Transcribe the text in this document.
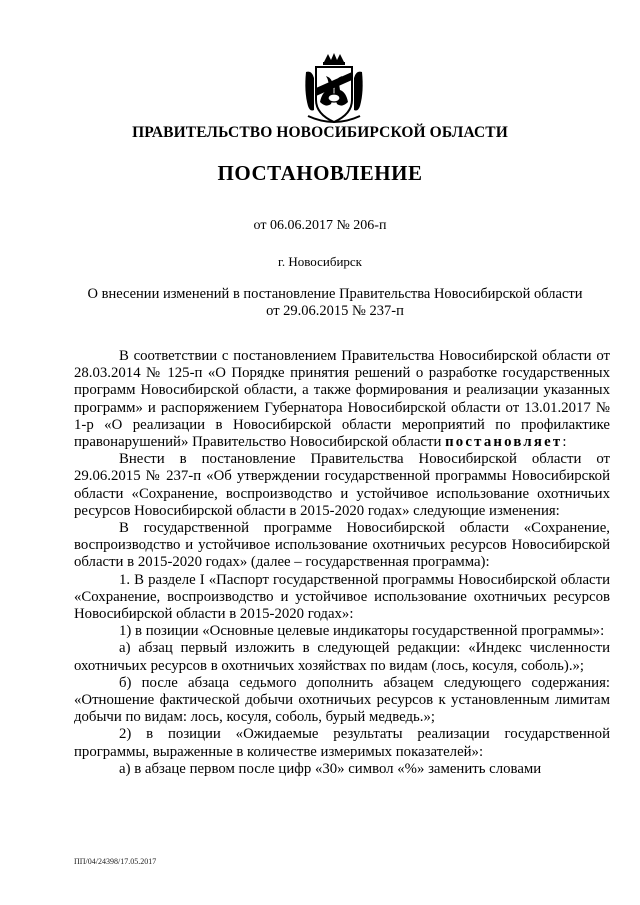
ПРАВИТЕЛЬСТВО НОВОСИБИРСКОЙ ОБЛАСТИ
ПОСТАНОВЛЕНИЕ
от 06.06.2017 № 206-п
г. Новосибирск
О внесении изменений в постановление Правительства Новосибирской области
от 29.06.2015 № 237-п

В соответствии с постановлением Правительства Новосибирской области от 28.03.2014 № 125-п «О Порядке принятия решений о разработке государственных программ Новосибирской области, а также формирования и реализации указанных программ» и распоряжением Губернатора Новосибирской области от 13.01.2017 № 1-р «О реализации в Новосибирской области мероприятий по профилактике правонарушений» Правительство Новосибирской области постановляет:

Внести в постановление Правительства Новосибирской области от 29.06.2015 № 237-п «Об утверждении государственной программы Новосибирской области «Сохранение, воспроизводство и устойчивое использование охотничьих ресурсов Новосибирской области в 2015-2020 годах» следующие изменения:

В государственной программе Новосибирской области «Сохранение, воспроизводство и устойчивое использование охотничьих ресурсов Новосибирской области в 2015-2020 годах» (далее – государственная программа):

1. В разделе I «Паспорт государственной программы Новосибирской области «Сохранение, воспроизводство и устойчивое использование охотничьих ресурсов Новосибирской области в 2015-2020 годах»:

1) в позиции «Основные целевые индикаторы государственной программы»:

а) абзац первый изложить в следующей редакции: «Индекс численности охотничьих ресурсов в охотничьих хозяйствах по видам (лось, косуля, соболь).»;

б) после абзаца седьмого дополнить абзацем следующего содержания: «Отношение фактической добычи охотничьих ресурсов к установленным лимитам добычи по видам: лось, косуля, соболь, бурый медведь.»;

2) в позиции «Ожидаемые результаты реализации государственной программы, выраженные в количестве измеримых показателей»:

а) в абзаце первом после цифр «30» символ «%» заменить словами

ПП/04/24398/17.05.2017
